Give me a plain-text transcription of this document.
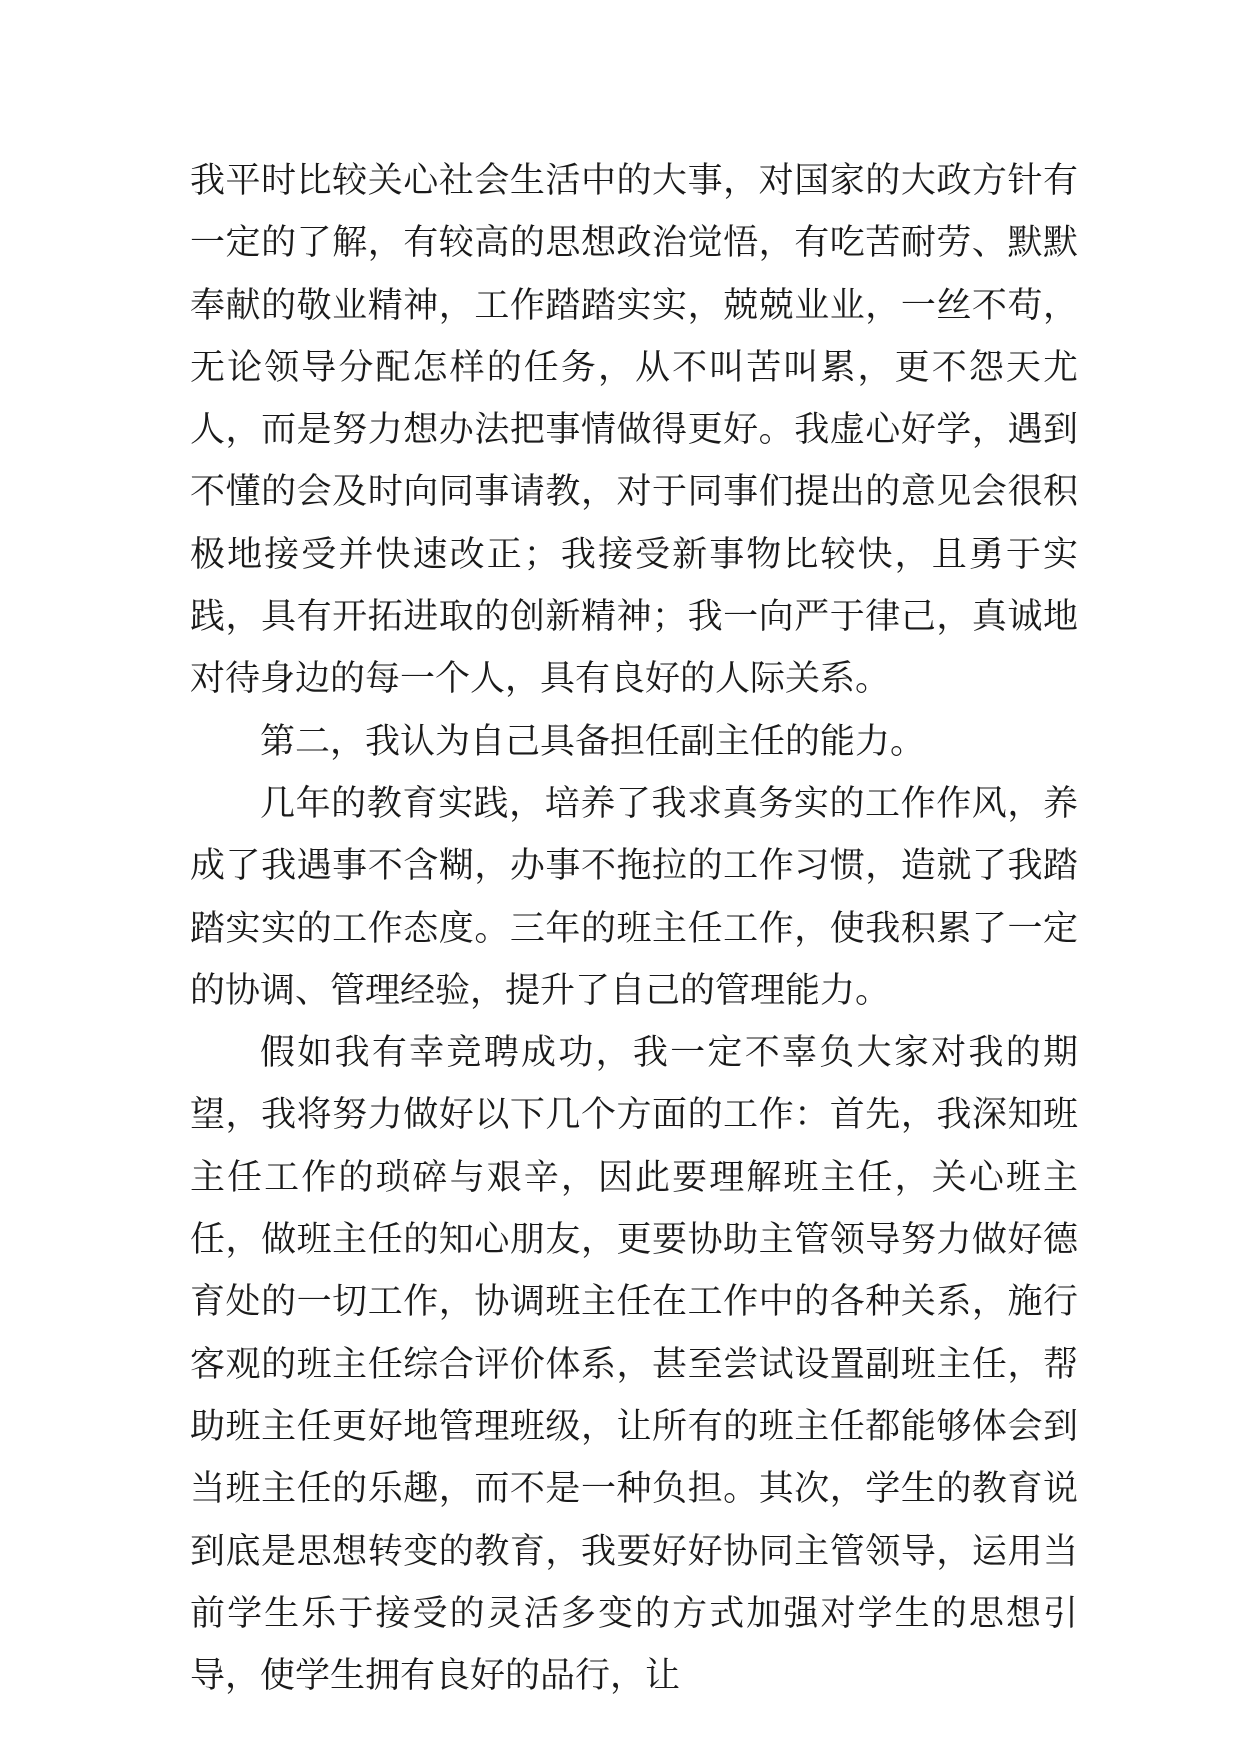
我平时比较关心社会生活中的大事，对国家的大政方针有一定的了解，有较高的思想政治觉悟，有吃苦耐劳、默默奉献的敬业精神，工作踏踏实实，兢兢业业，一丝不苟，无论领导分配怎样的任务，从不叫苦叫累，更不怨天尤人，而是努力想办法把事情做得更好。我虚心好学，遇到不懂的会及时向同事请教，对于同事们提出的意见会很积极地接受并快速改正；我接受新事物比较快，且勇于实践，具有开拓进取的创新精神；我一向严于律己，真诚地对待身边的每一个人，具有良好的人际关系。

第二，我认为自己具备担任副主任的能力。

几年的教育实践，培养了我求真务实的工作作风，养成了我遇事不含糊，办事不拖拉的工作习惯，造就了我踏踏实实的工作态度。三年的班主任工作，使我积累了一定的协调、管理经验，提升了自己的管理能力。

假如我有幸竞聘成功，我一定不辜负大家对我的期望，我将努力做好以下几个方面的工作：首先，我深知班主任工作的琐碎与艰辛，因此要理解班主任，关心班主任，做班主任的知心朋友，更要协助主管领导努力做好德育处的一切工作，协调班主任在工作中的各种关系，施行客观的班主任综合评价体系，甚至尝试设置副班主任，帮助班主任更好地管理班级，让所有的班主任都能够体会到当班主任的乐趣，而不是一种负担。其次，学生的教育说到底是思想转变的教育，我要好好协同主管领导，运用当前学生乐于接受的灵活多变的方式加强对学生的思想引导，使学生拥有良好的品行，让
